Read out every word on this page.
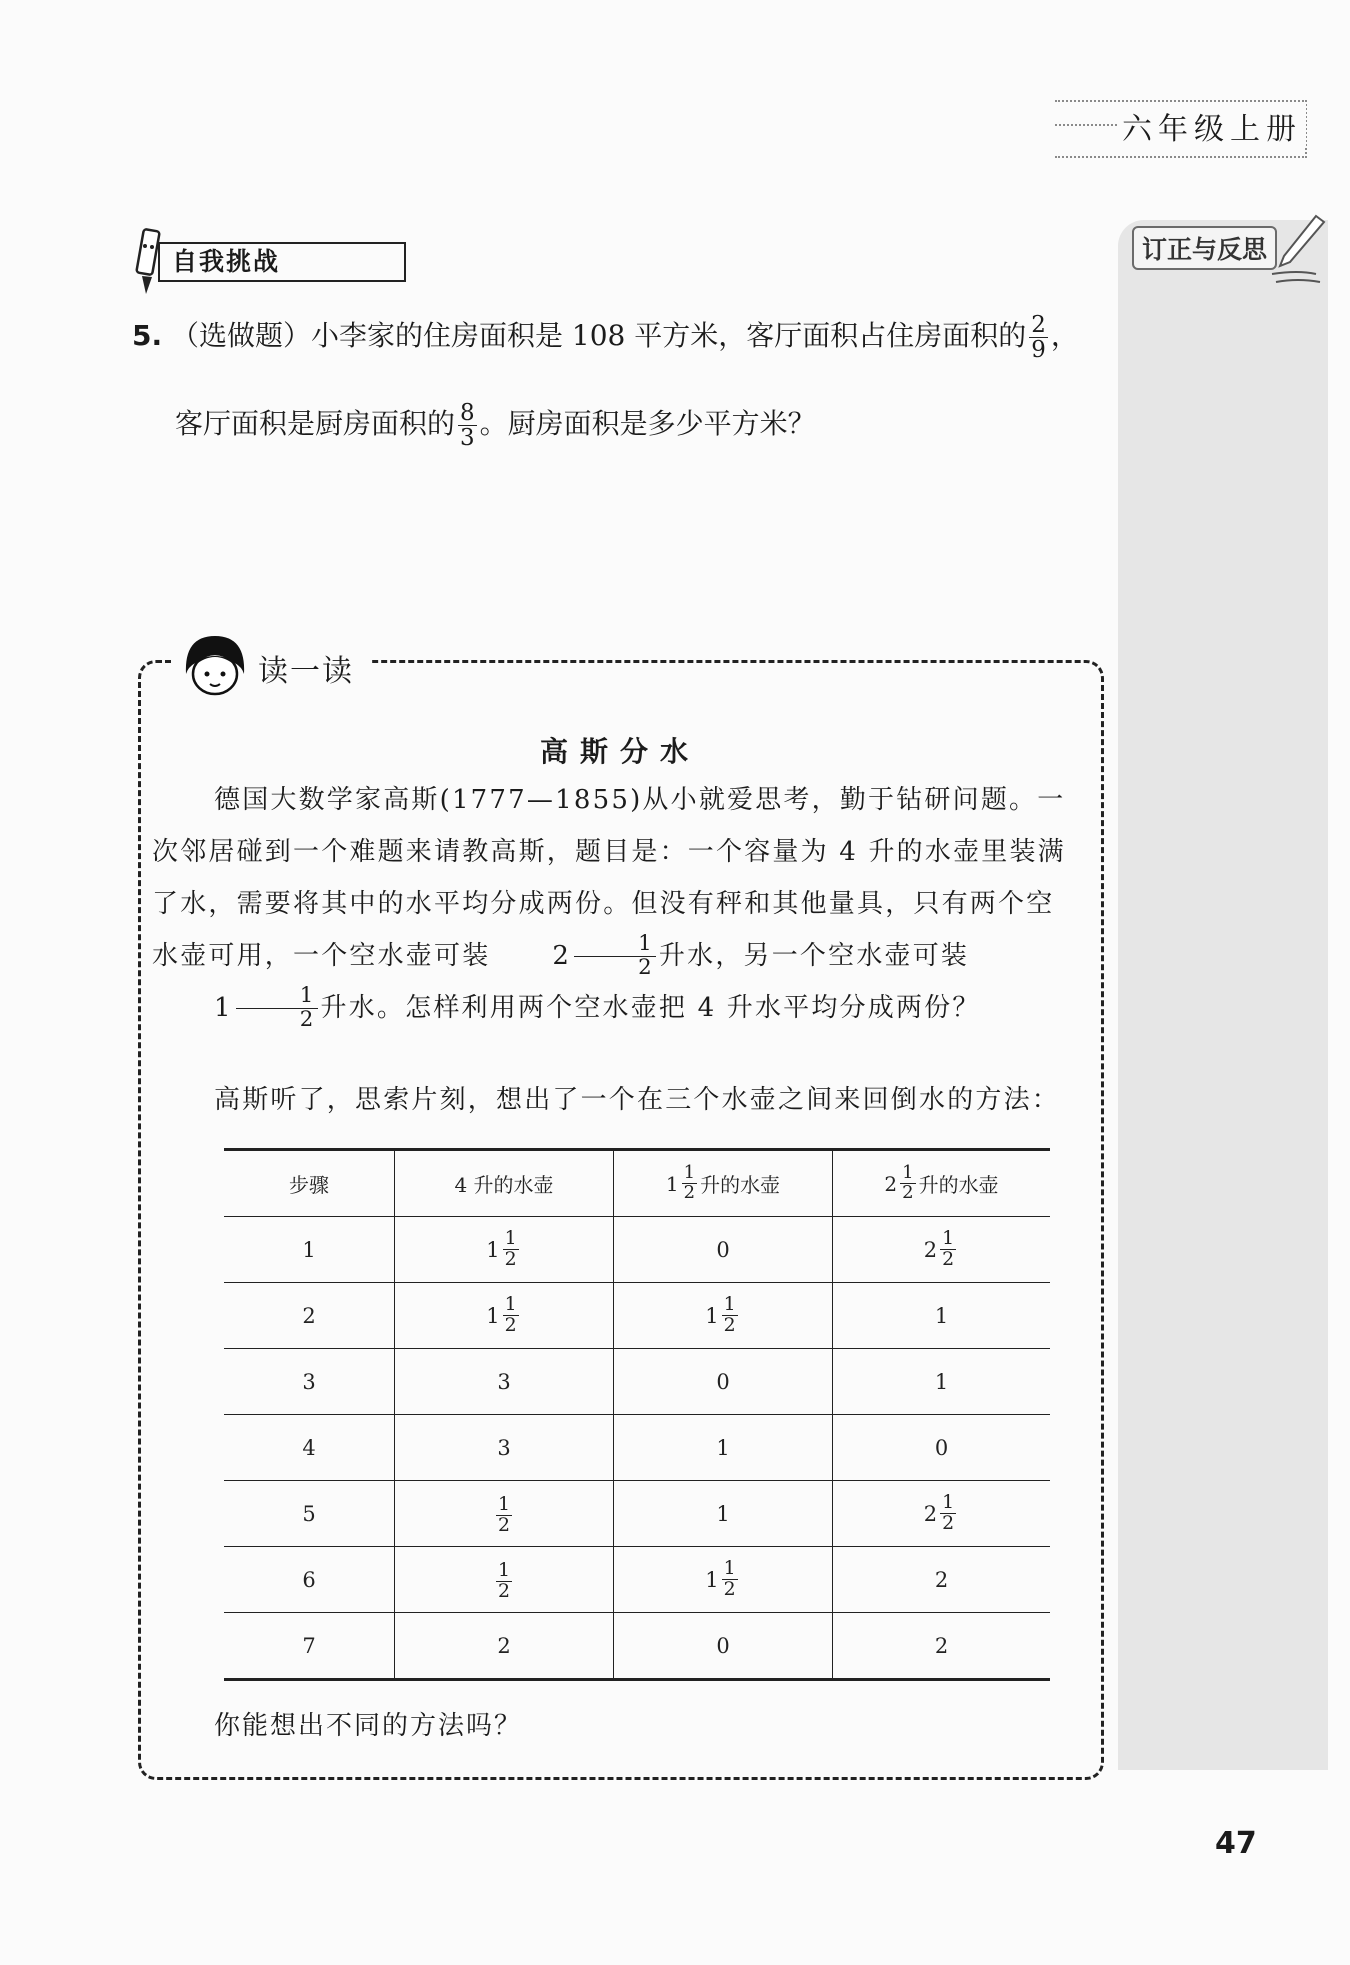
六年级上册
订正与反思
自我挑战
5. （选做题）小李家的住房面积是 108 平方米，客厅面积占住房面积的 $\frac{2}{9}$ ，
客厅面积是厨房面积的 $\frac{8}{3}$ 。厨房面积是多少平方米？
读一读
高斯分水
德国大数学家高斯(1777—1855)从小就爱思考，勤于钻研问题。一次邻居碰到一个难题来请教高斯，题目是：一个容量为 4 升的水壶里装满了水，需要将其中的水平均分成两份。但没有秤和其他量具，只有两个空水壶可用，一个空水壶可装	$2 \frac{1}{2}$ 升水，另一个空水壶可装
$1 \frac{1}{2}$ 升水。怎样利用两个空水壶把 4 升水平均分成两份？
高斯听了，思索片刻，想出了一个在三个水壶之间来回倒水的方法：
步骤	4 升的水壶	$1 \frac{1}{2}$ 升的水壶	$2 \frac{1}{2}$ 升的水壶

1	$1 \frac{1}{2}$	0	$2 \frac{1}{2}$

2	$1 \frac{1}{2}$	$1 \frac{1}{2}$	1

3	3	0	1

4	3	1	0

5	$\frac{1}{2}$	1	$2 \frac{1}{2}$

6	$\frac{1}{2}$	$1 \frac{1}{2}$	2

7	2	0	2
你能想出不同的方法吗？
47
